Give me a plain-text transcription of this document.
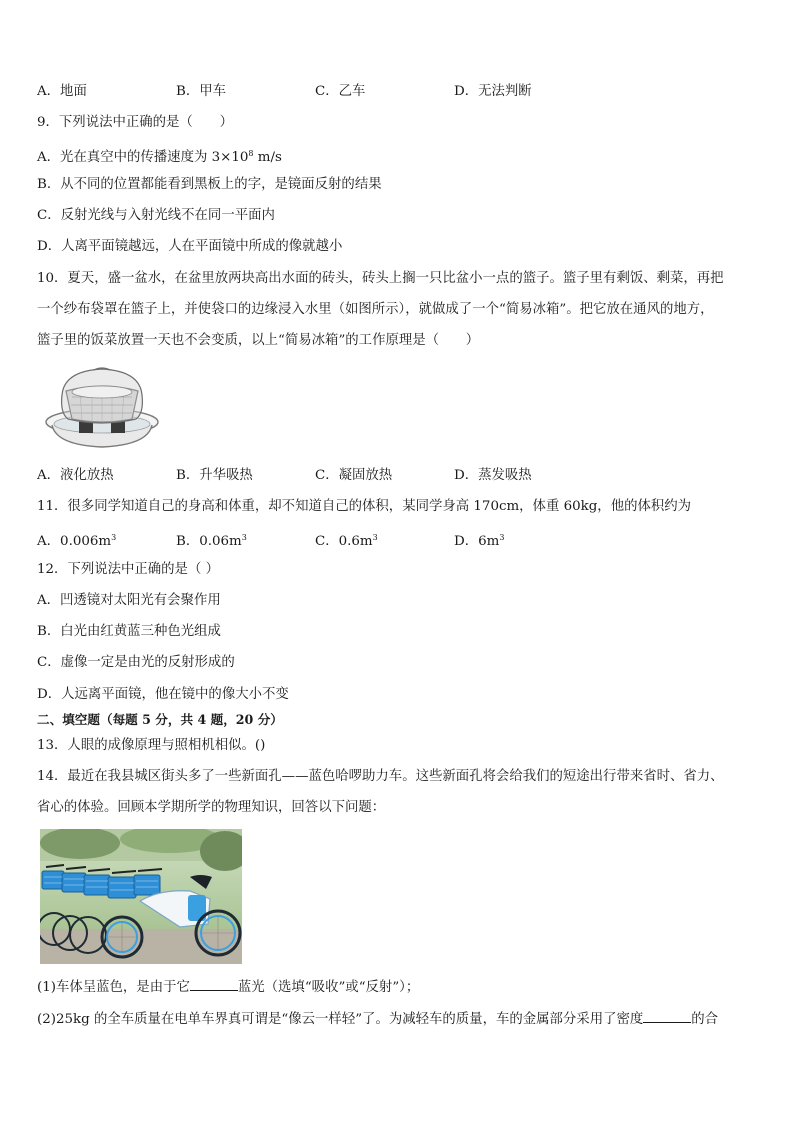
A．地面	B．甲车	C．乙车	D．无法判断
9．下列说法中正确的是（　　）
A．光在真空中的传播速度为 $3\times 10^8$ m/s
B．从不同的位置都能看到黑板上的字，是镜面反射的结果
C．反射光线与入射光线不在同一平面内
D．人离平面镜越远，人在平面镜中所成的像就越小
10．夏天，盛一盆水，在盆里放两块高出水面的砖头，砖头上搁一只比盆小一点的篮子。篮子里有剩饭、剩菜，再把
一个纱布袋罩在篮子上，并使袋口的边缘浸入水里（如图所示），就做成了一个“简易冰箱”。把它放在通风的地方，
篮子里的饭菜放置一天也不会变质，以上“简易冰箱”的工作原理是（　　）
A．液化放热	B．升华吸热	C．凝固放热	D．蒸发吸热
11．很多同学知道自己的身高和体重，却不知道自己的体积，某同学身高 170cm，体重 60kg，他的体积约为
A．$0.006m^3$	B．$0.06m^3$	C．$0.6m^3$	D．$6m^3$
12．下列说法中正确的是（ ）
A．凹透镜对太阳光有会聚作用
B．白光由红黄蓝三种色光组成
C．虚像一定是由光的反射形成的
D．人远离平面镜，他在镜中的像大小不变
二、填空题（每题 5 分，共 4 题，20 分）
13．人眼的成像原理与照相机相似。()
14．最近在我县城区街头多了一些新面孔——蓝色哈啰助力车。这些新面孔将会给我们的短途出行带来省时、省力、
省心的体验。回顾本学期所学的物理知识，回答以下问题：
(1)车体呈蓝色，是由于它	蓝光（选填“吸收”或“反射”）；
(2)25kg 的全车质量在电单车界真可谓是“像云一样轻”了。为减轻车的质量，车的金属部分采用了密度	的合
